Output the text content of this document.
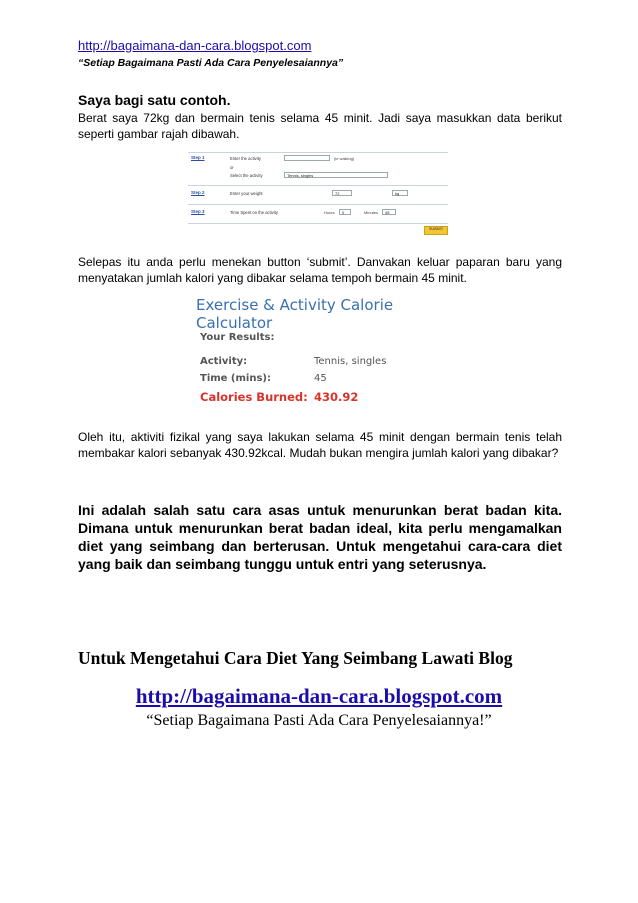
http://bagaimana-dan-cara.blogspot.com
“Setiap Bagaimana Pasti Ada Cara Penyelesaiannya”
Saya bagi satu contoh.
Berat saya 72kg dan bermain tenis selama 45 minit. Jadi saya masukkan data berikut seperti gambar rajah dibawah.
Step 1	Enter the activity	(ie walking)
or
Select the activity	Tennis, singles
Step 2	Enter your weight	72	kg
Step 3	Time Spent on the activity	Hours	0	Minutes	45
SUBMIT
Selepas itu anda perlu menekan button ‘submit’. Danvakan keluar paparan baru yang menyatakan jumlah kalori yang dibakar selama tempoh bermain 45 minit.
Exercise & Activity Calorie Calculator
Your Results:
Activity:	Tennis, singles
Time (mins):	45
Calories Burned: 430.92
Oleh itu, aktiviti fizikal yang saya lakukan selama 45 minit dengan bermain tenis telah membakar kalori sebanyak 430.92kcal. Mudah bukan mengira jumlah kalori yang dibakar?
Ini adalah salah satu cara asas untuk menurunkan berat badan kita. Dimana untuk menurunkan berat badan ideal, kita perlu mengamalkan diet yang seimbang dan berterusan. Untuk mengetahui cara-cara diet yang baik dan seimbang tunggu untuk entri yang seterusnya.
Untuk Mengetahui Cara Diet Yang Seimbang Lawati Blog
http://bagaimana-dan-cara.blogspot.com
“Setiap Bagaimana Pasti Ada Cara Penyelesaiannya!”
